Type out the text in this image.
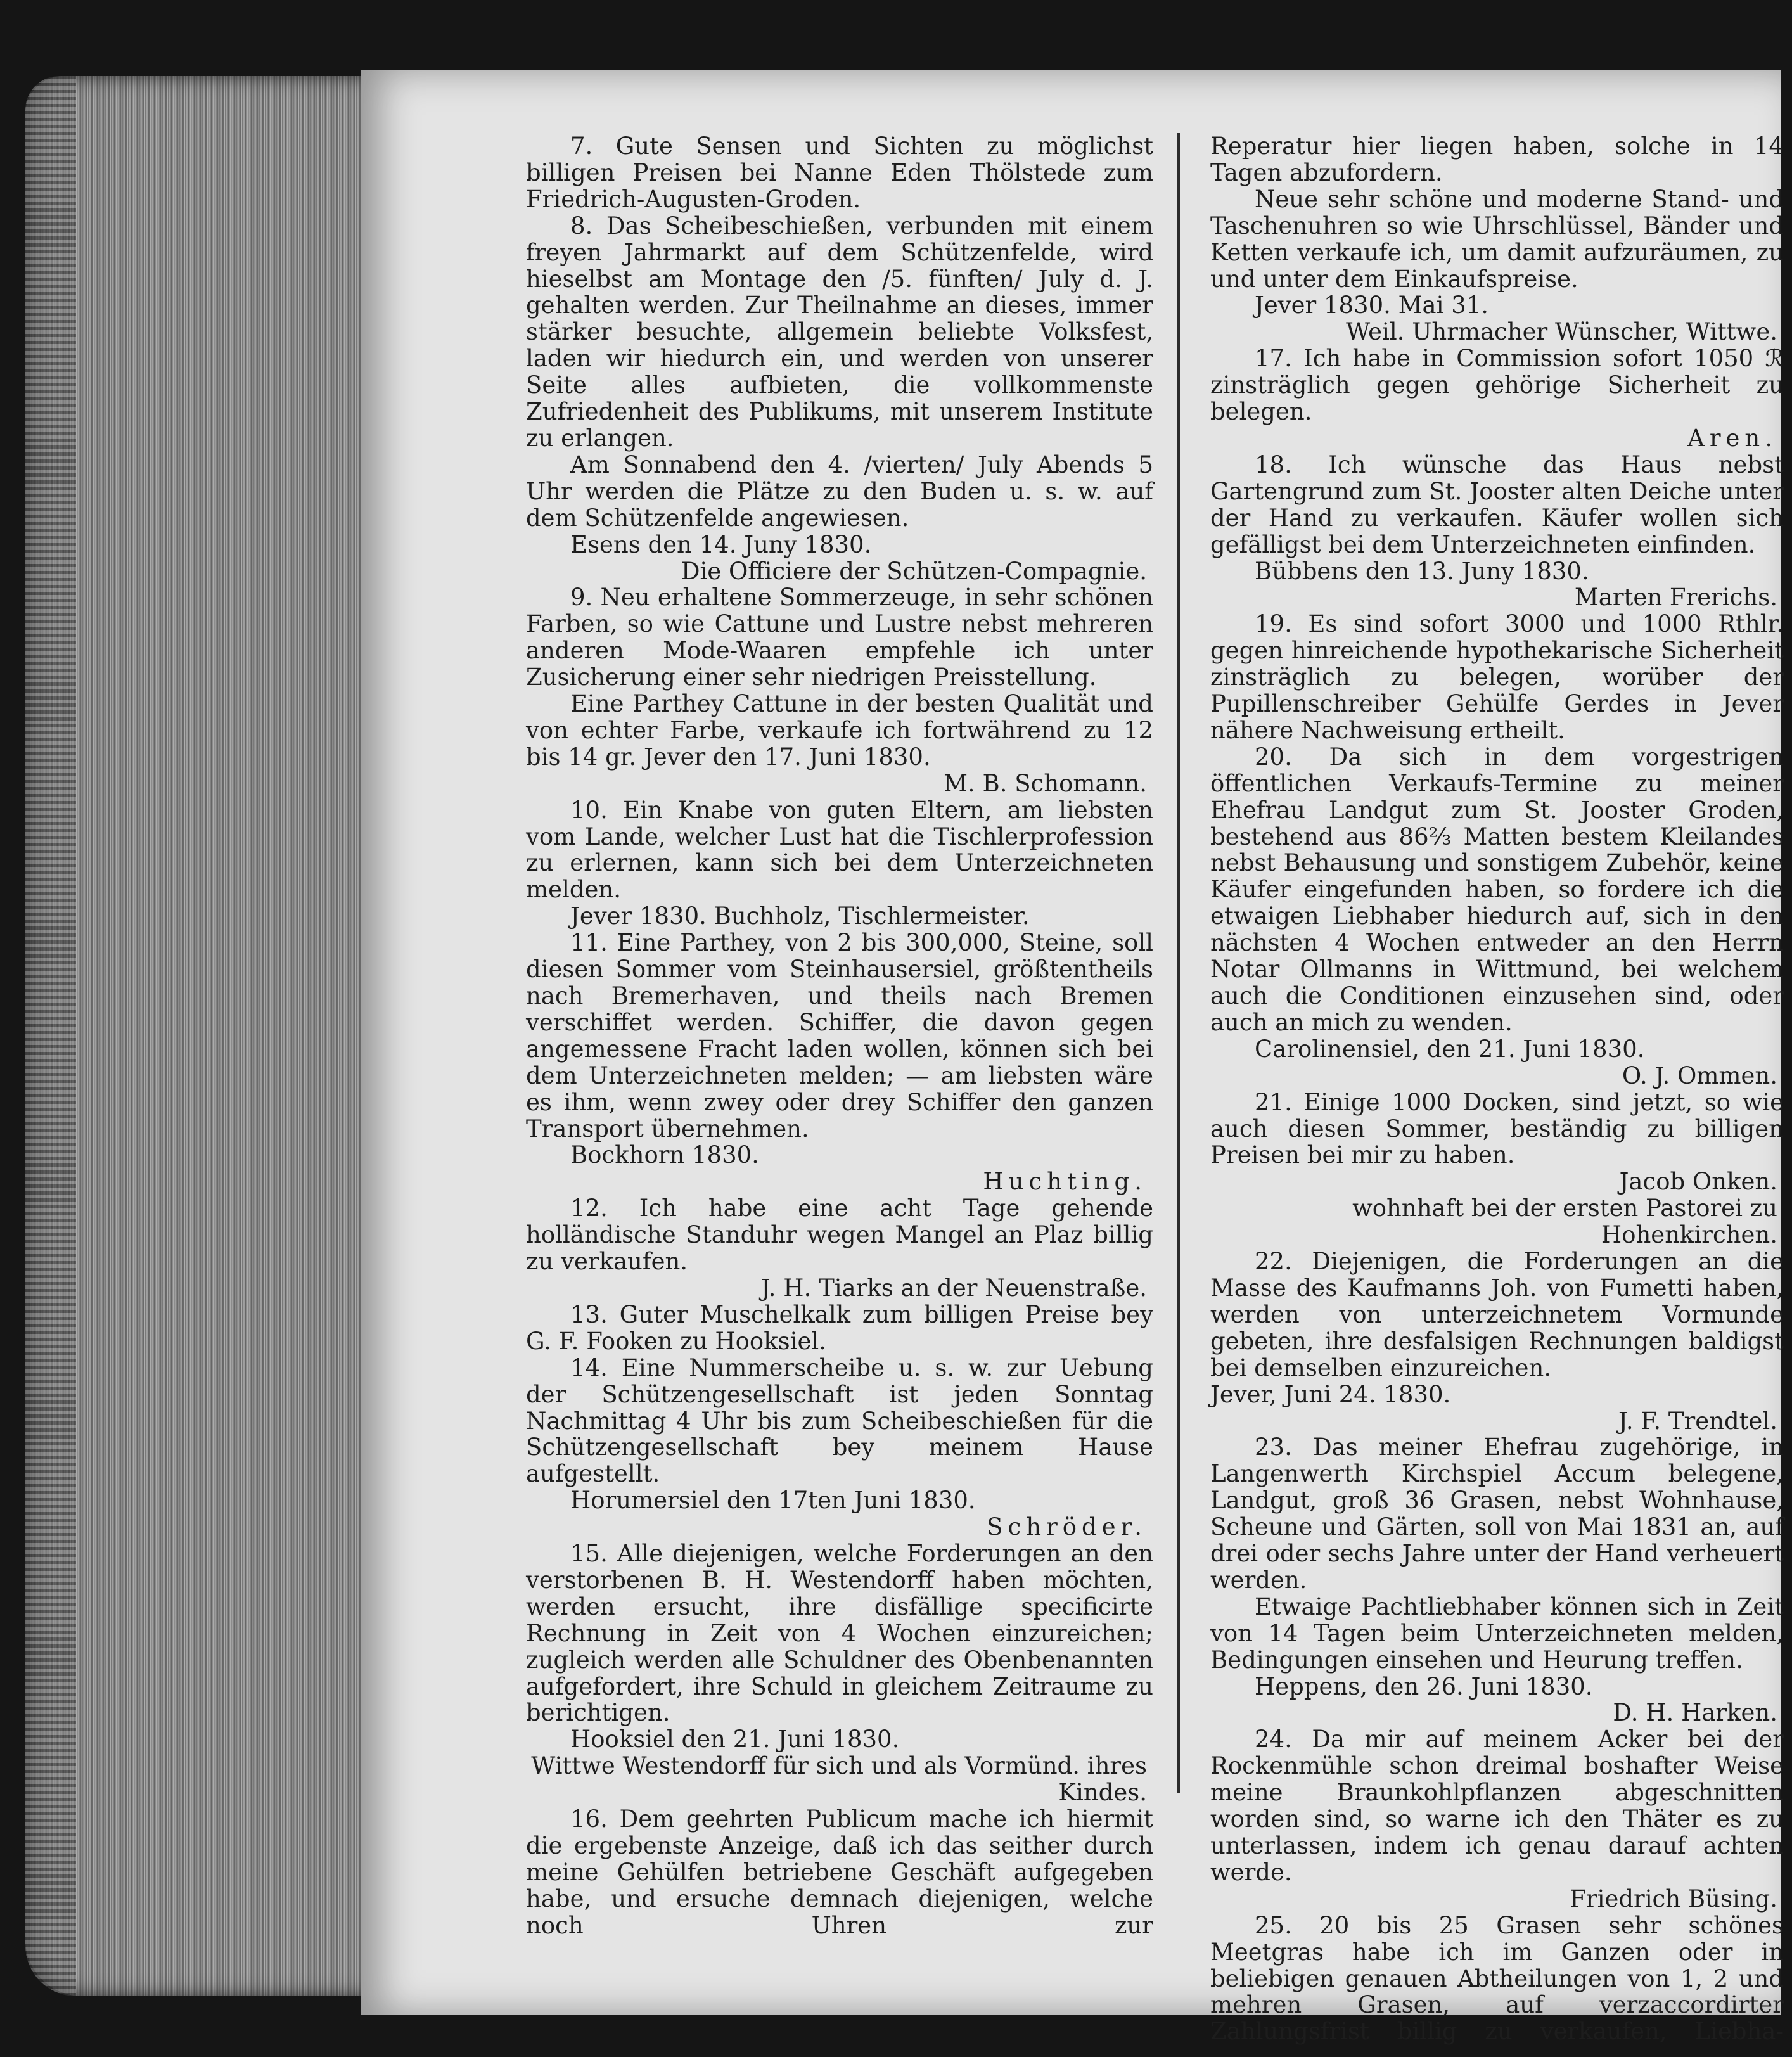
7. Gute Sensen und Sichten zu möglichst billigen Preisen bei Nanne Eden Thölstede zum Friedrich-Augusten-Groden.

8. Das Scheibeschießen, verbunden mit einem freyen Jahrmarkt auf dem Schützenfelde, wird hieselbst am Montage den /5. fünften/ July d. J. gehalten werden. Zur Theilnahme an dieses, immer stärker besuchte, allgemein beliebte Volksfest, laden wir hiedurch ein, und werden von unserer Seite alles aufbieten, die vollkommenste Zufriedenheit des Publikums, mit unserem Institute zu erlangen.

Am Sonnabend den 4. /vierten/ July Abends 5 Uhr werden die Plätze zu den Buden u. s. w. auf dem Schützenfelde angewiesen.

Esens den 14. Juny 1830.

Die Officiere der Schützen-Compagnie.

9. Neu erhaltene Sommerzeuge, in sehr schönen Farben, so wie Cattune und Lustre nebst mehreren anderen Mode-Waaren empfehle ich unter Zusicherung einer sehr niedrigen Preisstellung.

Eine Parthey Cattune in der besten Qualität und von echter Farbe, verkaufe ich fortwährend zu 12 bis 14 gr. Jever den 17. Juni 1830.

M. B. Schomann.

10. Ein Knabe von guten Eltern, am liebsten vom Lande, welcher Lust hat die Tischlerprofession zu erlernen, kann sich bei dem Unterzeichneten melden.

Jever 1830. Buchholz, Tischlermeister.

11. Eine Parthey, von 2 bis 300,000, Steine, soll diesen Sommer vom Steinhausersiel, größtentheils nach Bremerhaven, und theils nach Bremen verschiffet werden. Schiffer, die davon gegen angemessene Fracht laden wollen, können sich bei dem Unterzeichneten melden; — am liebsten wäre es ihm, wenn zwey oder drey Schiffer den ganzen Transport übernehmen.

Bockhorn 1830.

Huchting.

12. Ich habe eine acht Tage gehende holländische Standuhr wegen Mangel an Plaz billig zu verkaufen.

J. H. Tiarks an der Neuenstraße.

13. Guter Muschelkalk zum billigen Preise bey G. F. Fooken zu Hooksiel.

14. Eine Nummerscheibe u. s. w. zur Uebung der Schützengesellschaft ist jeden Sonntag Nachmittag 4 Uhr bis zum Scheibeschießen für die Schützengesellschaft bey meinem Hause aufgestellt.

Horumersiel den 17ten Juni 1830.

Schröder.

15. Alle diejenigen, welche Forderungen an den verstorbenen B. H. Westendorff haben möchten, werden ersucht, ihre disfällige specificirte Rechnung in Zeit von 4 Wochen einzureichen; zugleich werden alle Schuldner des Obenbenannten aufgefordert, ihre Schuld in gleichem Zeitraume zu berichtigen.

Hooksiel den 21. Juni 1830.

Wittwe Westendorff für sich und als Vormünd. ihres Kindes.

16. Dem geehrten Publicum mache ich hiermit die ergebenste Anzeige, daß ich das seither durch meine Gehülfen betriebene Geschäft aufgegeben habe, und ersuche demnach diejenigen, welche noch Uhren zur

Reperatur hier liegen haben, solche in 14 Tagen abzufordern.

Neue sehr schöne und moderne Stand- und Taschenuhren so wie Uhrschlüssel, Bänder und Ketten verkaufe ich, um damit aufzuräumen, zu und unter dem Einkaufspreise.

Jever 1830. Mai 31.

Weil. Uhrmacher Wünscher, Wittwe.

17. Ich habe in Commission sofort 1050 ℛ zinsträglich gegen gehörige Sicherheit zu belegen.

Aren.

18. Ich wünsche das Haus nebst Gartengrund zum St. Jooster alten Deiche unter der Hand zu verkaufen. Käufer wollen sich gefälligst bei dem Unterzeichneten einfinden.

Bübbens den 13. Juny 1830.

Marten Frerichs.

19. Es sind sofort 3000 und 1000 Rthlr. gegen hinreichende hypothekarische Sicherheit zinsträglich zu belegen, worüber der Pupillenschreiber Gehülfe Gerdes in Jever nähere Nachweisung ertheilt.

20. Da sich in dem vorgestrigen öffentlichen Verkaufs-Termine zu meiner Ehefrau Landgut zum St. Jooster Groden, bestehend aus 86⅔ Matten bestem Kleilandes nebst Behausung und sonstigem Zubehör, keine Käufer eingefunden haben, so fordere ich die etwaigen Liebhaber hiedurch auf, sich in den nächsten 4 Wochen entweder an den Herrn Notar Ollmanns in Wittmund, bei welchem auch die Conditionen einzusehen sind, oder auch an mich zu wenden.

Carolinensiel, den 21. Juni 1830.

O. J. Ommen.

21. Einige 1000 Docken, sind jetzt, so wie auch diesen Sommer, beständig zu billigen Preisen bei mir zu haben.

Jacob Onken.

wohnhaft bei der ersten Pastorei zu Hohenkirchen.

22. Diejenigen, die Forderungen an die Masse des Kaufmanns Joh. von Fumetti haben, werden von unterzeichnetem Vormunde gebeten, ihre desfalsigen Rechnungen baldigst bei demselben einzureichen.

Jever, Juni 24. 1830.

J. F. Trendtel.

23. Das meiner Ehefrau zugehörige, in Langenwerth Kirchspiel Accum belegene, Landgut, groß 36 Grasen, nebst Wohnhause, Scheune und Gärten, soll von Mai 1831 an, auf drei oder sechs Jahre unter der Hand verheuert werden.

Etwaige Pachtliebhaber können sich in Zeit von 14 Tagen beim Unterzeichneten melden, Bedingungen einsehen und Heurung treffen.

Heppens, den 26. Juni 1830.

D. H. Harken.

24. Da mir auf meinem Acker bei der Rockenmühle schon dreimal boshafter Weise meine Braunkohlpflanzen abgeschnitten worden sind, so warne ich den Thäter es zu unterlassen, indem ich genau darauf achten werde.

Friedrich Büsing.

25. 20 bis 25 Grasen sehr schönes Meetgras habe ich im Ganzen oder in beliebigen genauen Abtheilungen von 1, 2 und mehren Grasen, auf verzaccordirter Zahlungsfrist billig zu verkaufen, Liebha-
